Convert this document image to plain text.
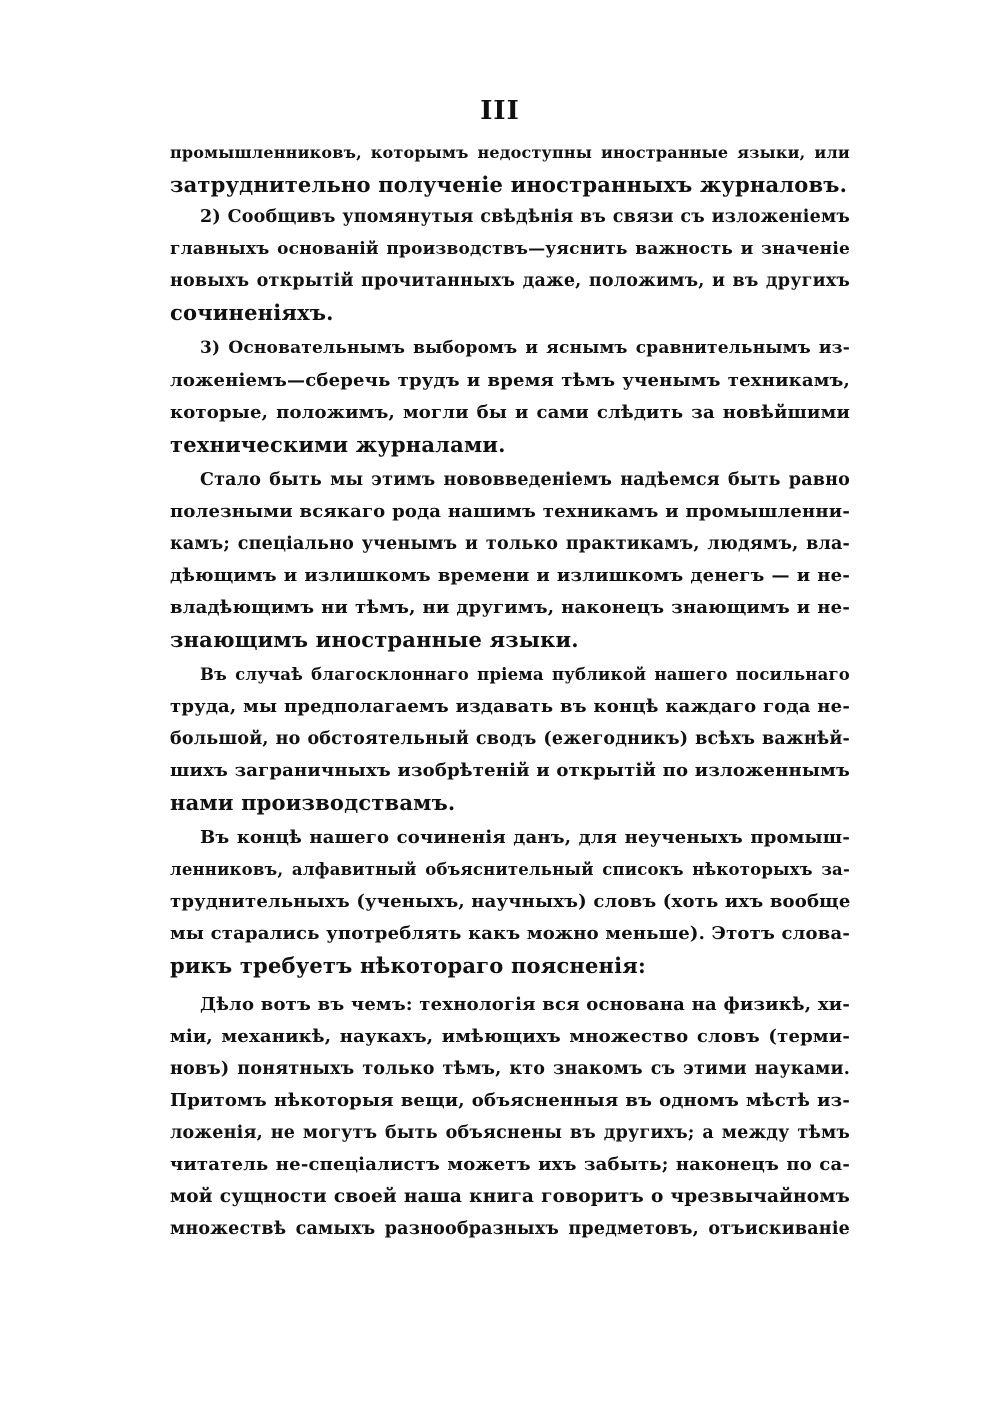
III
промышленниковъ, которымъ недоступны иностранные языки, или
затруднительно полученіе иностранныхъ журналовъ.
2) Сообщивъ упомянутыя свѣдѣнія въ связи съ изложеніемъ
главныхъ основаній производствъ—уяснить важность и значеніе
новыхъ открытій прочитанныхъ даже, положимъ, и въ другихъ
сочиненіяхъ.
3) Основательнымъ выборомъ и яснымъ сравнительнымъ из-
ложеніемъ—сберечь трудъ и время тѣмъ ученымъ техникамъ,
которые, положимъ, могли бы и сами слѣдить за новѣйшими
техническими журналами.
Стало быть мы этимъ нововведеніемъ надѣемся быть равно
полезными всякаго рода нашимъ техникамъ и промышленни-
камъ; спеціально ученымъ и только практикамъ, людямъ, вла-
дѣющимъ и излишкомъ времени и излишкомъ денегъ — и не-
владѣющимъ ни тѣмъ, ни другимъ, наконецъ знающимъ и не-
знающимъ иностранные языки.
Въ случаѣ благосклоннаго пріема публикой нашего посильнаго
труда, мы предполагаемъ издавать въ концѣ каждаго года не-
большой, но обстоятельный сводъ (ежегодникъ) всѣхъ важнѣй-
шихъ заграничныхъ изобрѣтеній и открытій по изложеннымъ
нами производствамъ.
Въ концѣ нашего сочиненія данъ, для неученыхъ промыш-
ленниковъ, алфавитный объяснительный списокъ нѣкоторыхъ за-
труднительныхъ (ученыхъ, научныхъ) словъ (хоть ихъ вообще
мы старались употреблять какъ можно меньше). Этотъ слова-
рикъ требуетъ нѣкотораго поясненія:
Дѣло вотъ въ чемъ: технологія вся основана на физикѣ, хи-
міи, механикѣ, наукахъ, имѣющихъ множество словъ (терми-
новъ) понятныхъ только тѣмъ, кто знакомъ съ этими науками.
Притомъ нѣкоторыя вещи, объясненныя въ одномъ мѣстѣ из-
ложенія, не могутъ быть объяснены въ другихъ; а между тѣмъ
читатель не-спеціалистъ можетъ ихъ забыть; наконецъ по са-
мой сущности своей наша книга говоритъ о чрезвычайномъ
множествѣ самыхъ разнообразныхъ предметовъ, отъискиваніе
